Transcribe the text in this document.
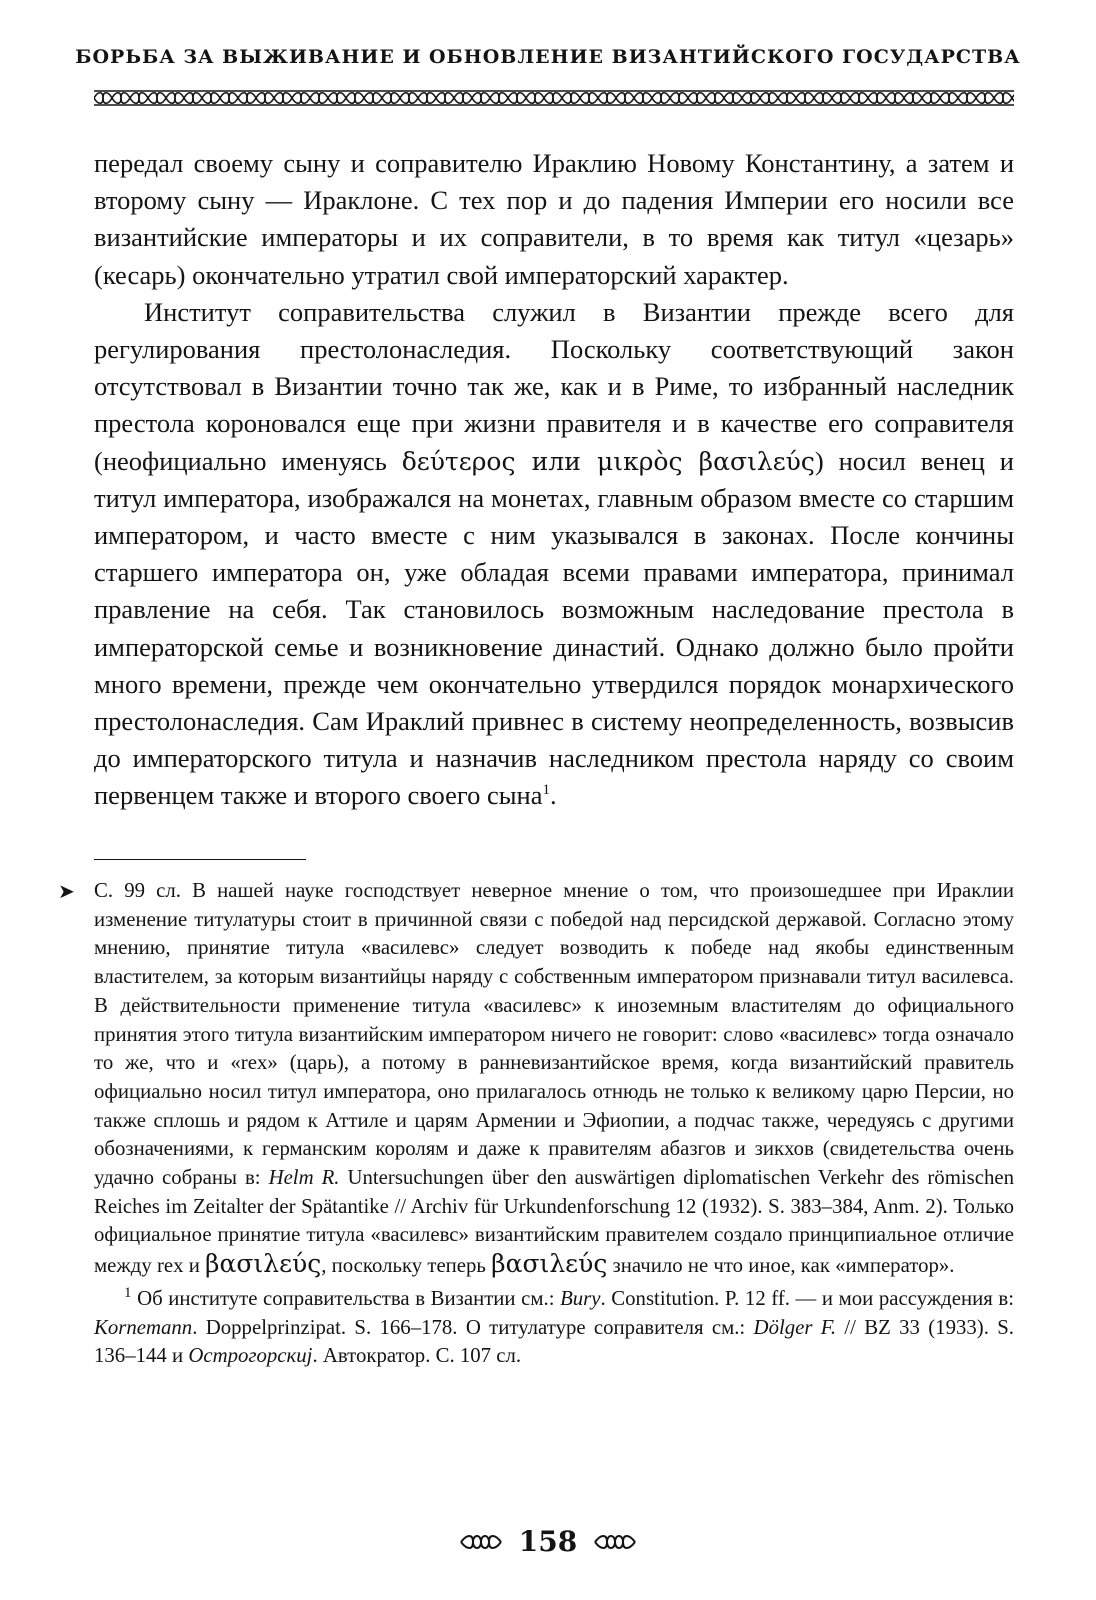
БОРЬБА ЗА ВЫЖИВАНИЕ И ОБНОВЛЕНИЕ ВИЗАНТИЙСКОГО ГОСУДАРСТВА

передал своему сыну и соправителю Ираклию Новому Константину, а затем и второму сыну — Ираклоне. С тех пор и до падения Империи его носили все византийские императоры и их соправители, в то время как титул «цезарь» (кесарь) окончательно утратил свой императорский характер.

Институт соправительства служил в Византии прежде всего для регулирования престолонаследия. Поскольку соответствующий закон отсутствовал в Византии точно так же, как и в Риме, то избранный наследник престола короновался еще при жизни правителя и в качестве его соправителя (неофициально именуясь δεύτερος или μικρὸς βασιλεύς) носил венец и титул императора, изображался на монетах, главным образом вместе со старшим императором, и часто вместе с ним указывался в законах. После кончины старшего императора он, уже обладая всеми правами императора, принимал правление на себя. Так становилось возможным наследование престола в императорской семье и возникновение династий. Однако должно было пройти много времени, прежде чем окончательно утвердился порядок монархического престолонаследия. Сам Ираклий привнес в систему неопределенность, возвысив до императорского титула и назначив наследником престола наряду со своим первенцем также и второго своего сына$^1$.

➤ С. 99 сл. В нашей науке господствует неверное мнение о том, что произошедшее при Ираклии изменение титулатуры стоит в причинной связи с победой над персидской державой. Согласно этому мнению, принятие титула «василевс» следует возводить к победе над якобы единственным властителем, за которым византийцы наряду с собственным императором признавали титул василевса. В действительности применение титула «василевс» к иноземным властителям до официального принятия этого титула византийским императором ничего не говорит: слово «василевс» тогда означало то же, что и «rex» (царь), а потому в ранневизантийское время, когда византийский правитель официально носил титул императора, оно прилагалось отнюдь не только к великому царю Персии, но также сплошь и рядом к Аттиле и царям Армении и Эфиопии, а подчас также, чередуясь с другими обозначениями, к германским королям и даже к правителям абазгов и зикхов (свидетельства очень удачно собраны в: Helm R. Untersuchungen über den auswärtigen diplomatischen Verkehr des römischen Reiches im Zeitalter der Spätantike // Archiv für Urkundenforschung 12 (1932). S. 383–384, Anm. 2). Только официальное принятие титула «василевс» византийским правителем создало принципиальное отличие между rex и βασιλεύς, поскольку теперь βασιλεύς значило не что иное, как «император».

$^1$ Об институте соправительства в Византии см.: Bury. Constitution. P. 12 ff. — и мои рассуждения в: Kornemann. Doppelprinzipat. S. 166–178. О титулатуре соправителя см.: Dölger F. // BZ 33 (1933). S. 136–144 и Острогорскиј. Автократор. С. 107 сл.

158
